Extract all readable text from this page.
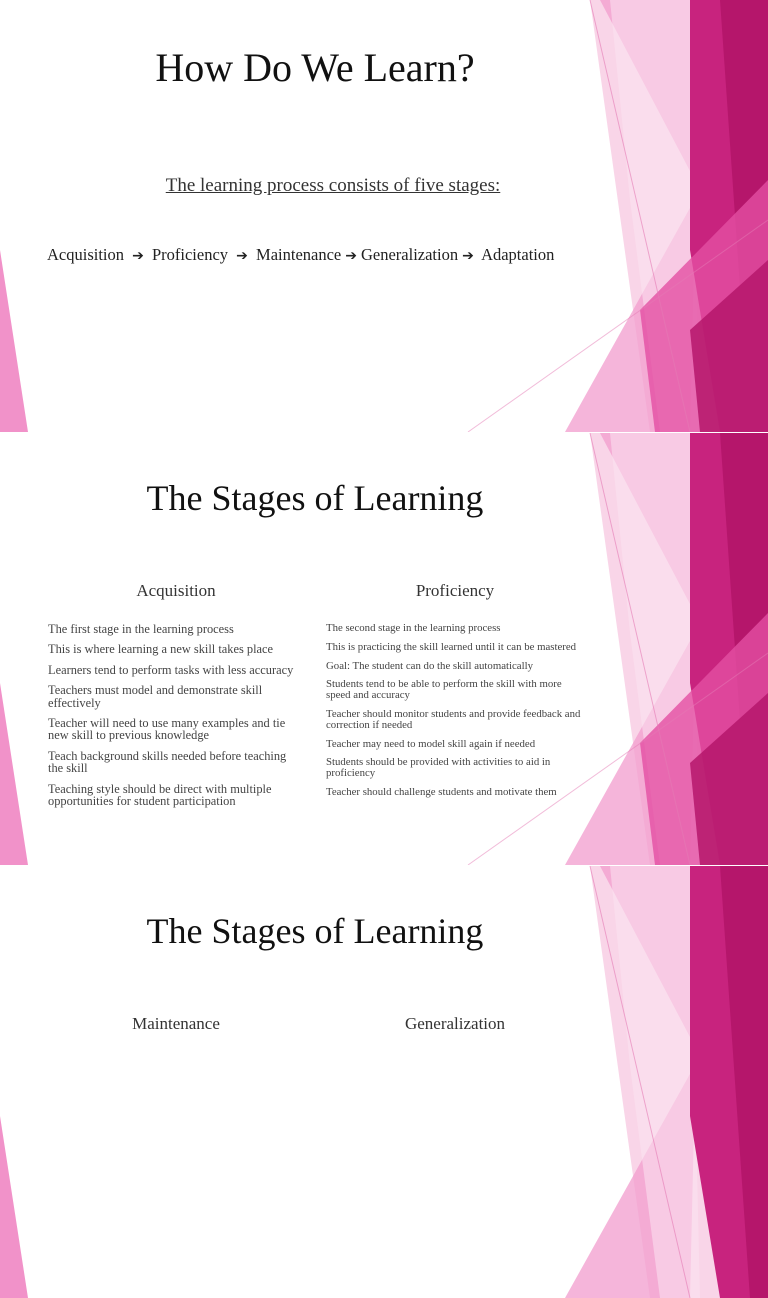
How Do We Learn?
The learning process consists of five stages:
Acquisition ➔ Proficiency ➔ Maintenance ➔ Generalization ➔ Adaptation
The Stages of Learning
Acquisition
The first stage in the learning process
This is where learning a new skill takes place
Learners tend to perform tasks with less accuracy
Teachers must model and demonstrate skill effectively
Teacher will need to use many examples and tie new skill to previous knowledge
Teach background skills needed before teaching the skill
Teaching style should be direct with multiple opportunities for student participation
Proficiency
The second stage in the learning process
This is practicing the skill learned until it can be mastered
Goal: The student can do the skill automatically
Students tend to be able to perform the skill with more speed and accuracy
Teacher should monitor students and provide feedback and correction if needed
Teacher may need to model skill again if needed
Students should be provided with activities to aid in proficiency
Teacher should challenge students and motivate them
The Stages of Learning
Maintenance	Generalization
